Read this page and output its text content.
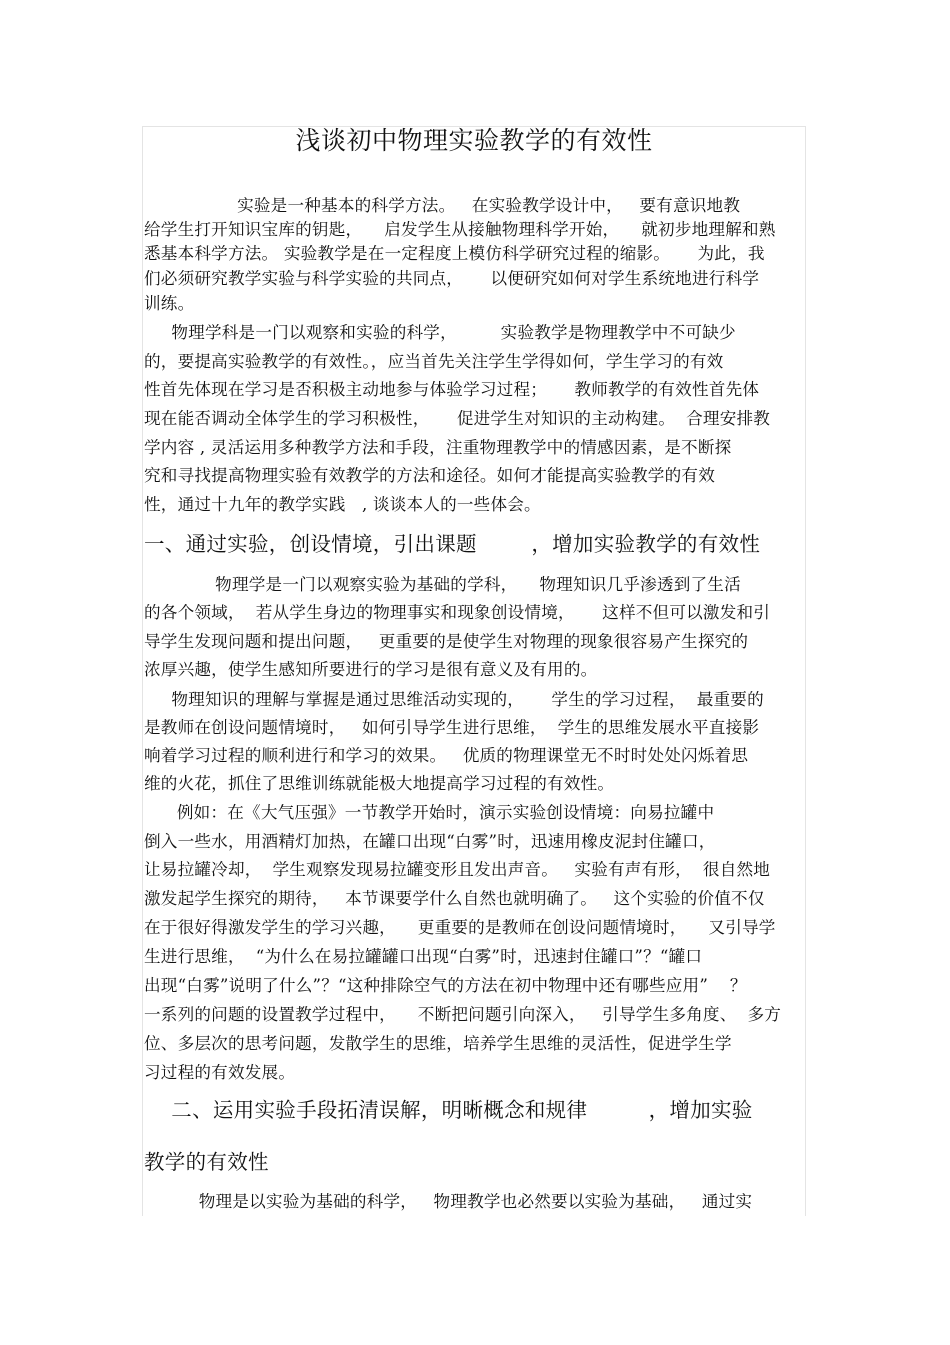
浅谈初中物理实验教学的有效性
实验是一种基本的科学方法。   在实验教学设计中，   要有意识地教
给学生打开知识宝库的钥匙，    启发学生从接触物理科学开始，    就初步地理解和熟
悉基本科学方法。 实验教学是在一定程度上模仿科学研究过程的缩影。     为此，我
们必须研究教学实验与科学实验的共同点，     以便研究如何对学生系统地进行科学
训练。
物理学科是一门以观察和实验的科学，        实验教学是物理教学中不可缺少
的，要提高实验教学的有效性。，应当首先关注学生学得如何，学生学习的有效
性首先体现在学习是否积极主动地参与体验学习过程；     教师教学的有效性首先体
现在能否调动全体学生的学习积极性，     促进学生对知识的主动构建。  合理安排教
学内容 , 灵活运用多种教学方法和手段，注重物理教学中的情感因素，是不断探
究和寻找提高物理实验有效教学的方法和途径。如何才能提高实验教学的有效
性，通过十九年的教学实践   , 谈谈本人的一些体会。
一、通过实验，创设情境，引出课题        ，增加实验教学的有效性
物理学是一门以观察实验为基础的学科，    物理知识几乎渗透到了生活
的各个领域，  若从学生身边的物理事实和现象创设情境，     这样不但可以激发和引
导学生发现问题和提出问题，   更重要的是使学生对物理的现象很容易产生探究的
浓厚兴趣，使学生感知所要进行的学习是很有意义及有用的。
物理知识的理解与掌握是通过思维活动实现的，     学生的学习过程，  最重要的
是教师在创设问题情境时，   如何引导学生进行思维，  学生的思维发展水平直接影
响着学习过程的顺利进行和学习的效果。   优质的物理课堂无不时时处处闪烁着思
维的火花，抓住了思维训练就能极大地提高学习过程的有效性。
例如：在《大气压强》一节教学开始时，演示实验创设情境：向易拉罐中
倒入一些水，用酒精灯加热，在罐口出现“白雾”时，迅速用橡皮泥封住罐口，
让易拉罐冷却，  学生观察发现易拉罐变形且发出声音。   实验有声有形，  很自然地
激发起学生探究的期待，   本节课要学什么自然也就明确了。   这个实验的价值不仅
在于很好得激发学生的学习兴趣，    更重要的是教师在创设问题情境时，    又引导学
生进行思维，  “为什么在易拉罐罐口出现“白雾”时，迅速封住罐口”？“罐口
出现“白雾”说明了什么”？“这种排除空气的方法在初中物理中还有哪些应用”    ？
一系列的问题的设置教学过程中，    不断把问题引向深入，   引导学生多角度、  多方
位、多层次的思考问题，发散学生的思维，培养学生思维的灵活性，促进学生学
习过程的有效发展。
二、运用实验手段拓清误解，明晰概念和规律         ，增加实验
教学的有效性
物理是以实验为基础的科学，   物理教学也必然要以实验为基础，   通过实
